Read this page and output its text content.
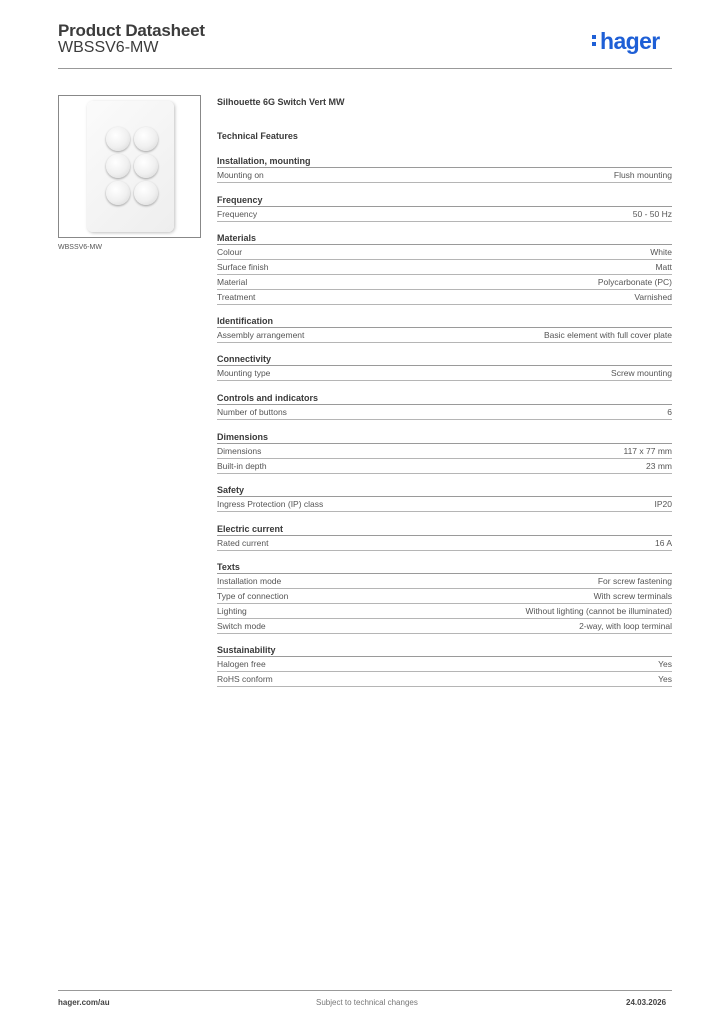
Product Datasheet
WBSSV6-MW	hager
WBSSV6-MW
Silhouette 6G Switch Vert MW
Technical Features
Installation, mounting
Mounting on	Flush mounting
Frequency
Frequency	50 - 50 Hz
Materials
Colour	White
Surface finish	Matt
Material	Polycarbonate (PC)
Treatment	Varnished
Identification
Assembly arrangement	Basic element with full cover plate
Connectivity
Mounting type	Screw mounting
Controls and indicators
Number of buttons	6
Dimensions
Dimensions	117 x 77 mm
Built-in depth	23 mm
Safety
Ingress Protection (IP) class	IP20
Electric current
Rated current	16 A
Texts
Installation mode	For screw fastening
Type of connection	With screw terminals
Lighting	Without lighting (cannot be illuminated)
Switch mode	2-way, with loop terminal
Sustainability
Halogen free	Yes
RoHS conform	Yes
hager.com/au	Subject to technical changes	24.03.2026
